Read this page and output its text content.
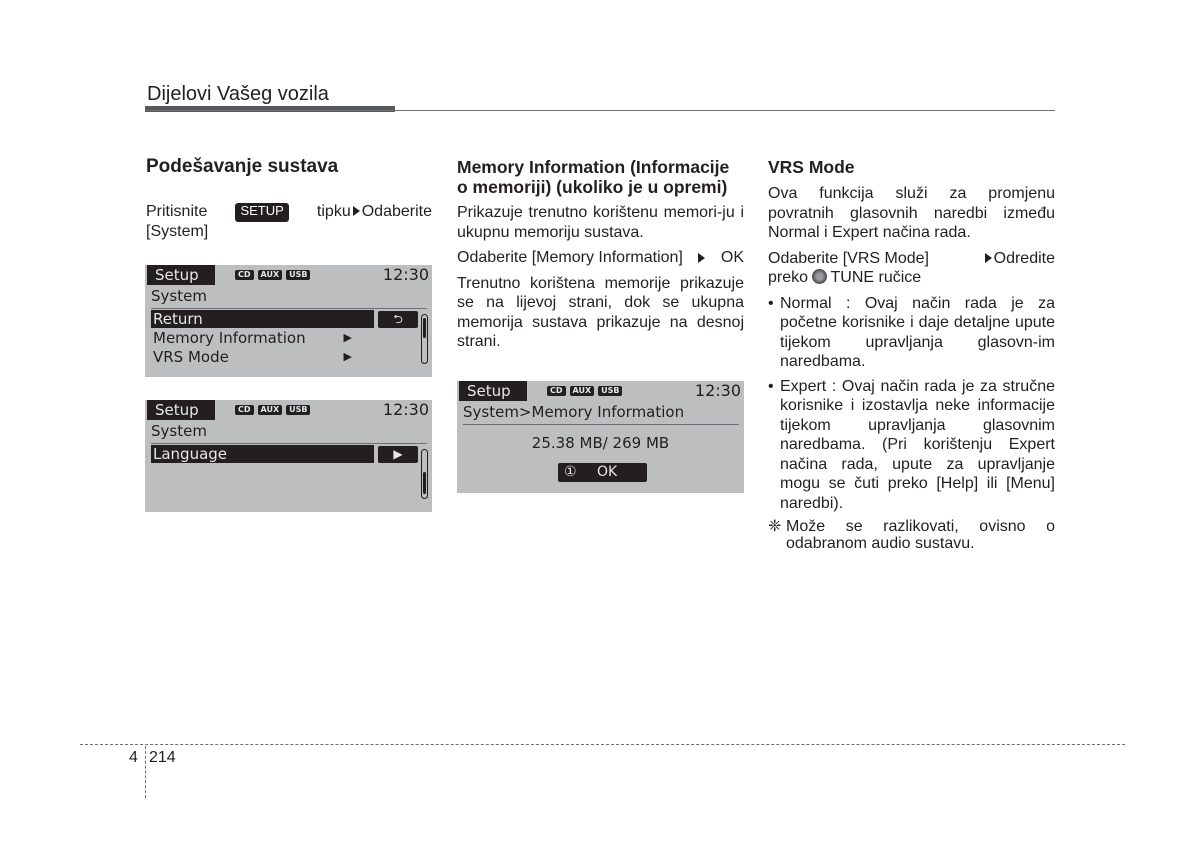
Dijelovi Vašeg vozila
Podešavanje sustava
Pritisnite	SETUP	tipku Odaberite
[System]
Setup	CD	AUX	USB	12:30
System
Return	⮌
Memory Information	▶
VRS Mode	▶
Setup	CD	AUX	USB	12:30
System
Language	▶
Memory Information (Informacije o memoriji) (ukoliko je u opremi)

Prikazuje trenutno korištenu memori-ju i ukupnu memoriju sustava.

Odaberite [Memory Information] OK

Trenutno korištena memorije prikazuje se na lijevoj strani, dok se ukupna memorija sustava prikazuje na desnoj strani.

Setup	CD	AUX	USB	12:30
System>Memory Information
25.38 MB/ 269 MB
① OK
VRS Mode

Ova funkcija služi za promjenu povratnih glasovnih naredbi između Normal i Expert načina rada.

Odaberite [VRS Mode]	Odredite

preko TUNE ručice

• Normal : Ovaj način rada je za početne korisnike i daje detaljne upute tijekom upravljanja glasovn-im naredbama.
• Expert : Ovaj način rada je za stručne korisnike i izostavlja neke informacije tijekom upravljanja glasovnim naredbama. (Pri korištenju Expert načina rada, upute za upravljanje mogu se čuti preko [Help] ili [Menu] naredbi).
❈ Može se razlikovati, ovisno o odabranom audio sustavu.
4 214
